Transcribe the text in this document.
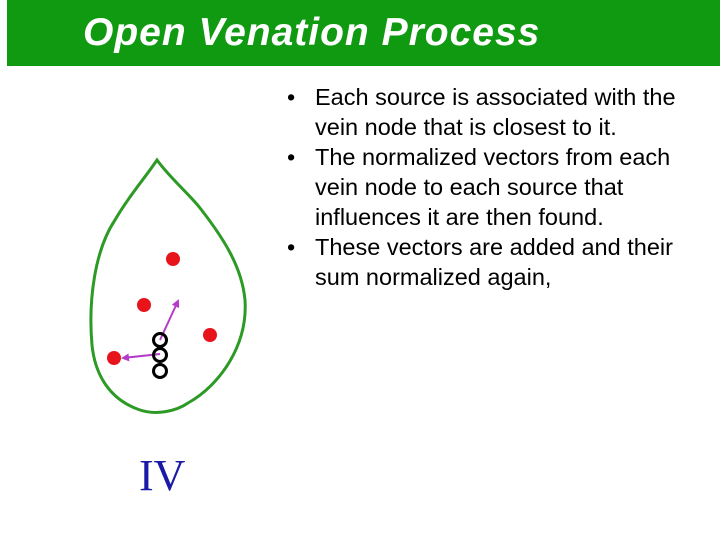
Open Venation Process
• Each source is associated with the vein node that is closest to it.
• The normalized vectors from each vein node to each source that influences it are then found.
• These vectors are added and their sum normalized again,
IV
